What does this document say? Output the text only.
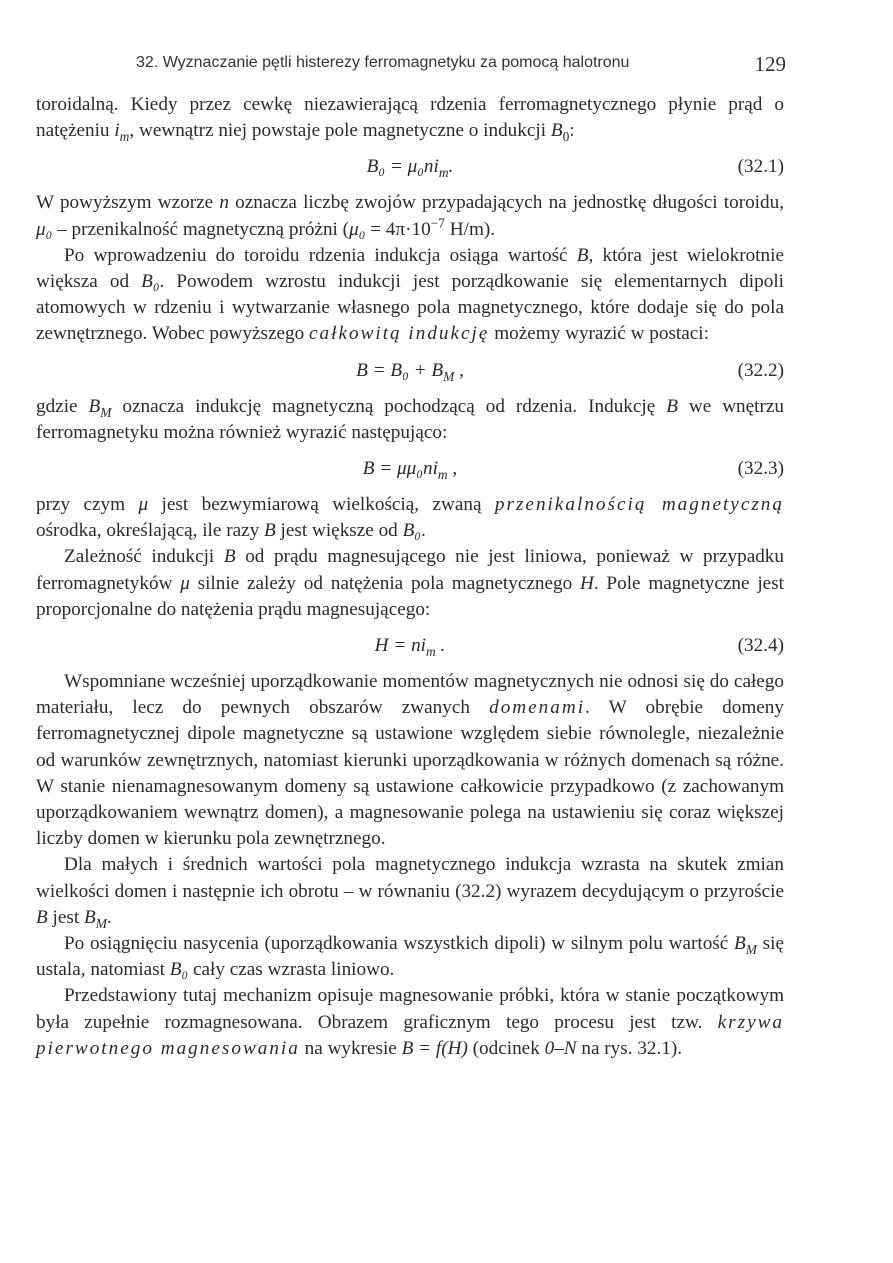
32. Wyznaczanie pętli histerezy ferromagnetyku za pomocą halotronu	129

toroidalną. Kiedy przez cewkę niezawierającą rdzenia ferromagnetycznego płynie prąd o natężeniu $i_m$, wewnątrz niej powstaje pole magnetyczne o indukcji $B_0$:

$B_0 = \mu_0ni_m$.	(32.1)

W powyższym wzorze n oznacza liczbę zwojów przypadających na jednostkę długości toroidu, μ₀ – przenikalność magnetyczną próżni ($\mu_0 = 4\pi\cdot 10^{-7}$ H/m).

Po wprowadzeniu do toroidu rdzenia indukcja osiąga wartość B, która jest wielokrotnie większa od B₀. Powodem wzrostu indukcji jest porządkowanie się elementarnych dipoli atomowych w rdzeniu i wytwarzanie własnego pola magnetycznego, które dodaje się do pola zewnętrznego. Wobec powyższego całkowitą indukcję możemy wyrazić w postaci:

$B = B_0 + B_M$ ,	(32.2)

gdzie $B_M$ oznacza indukcję magnetyczną pochodzącą od rdzenia. Indukcję B we wnętrzu ferromagnetyku można również wyrazić następująco:

$B = \mu\mu_0ni_m$ ,	(32.3)

przy czym μ jest bezwymiarową wielkością, zwaną przenikalnością magnetyczną ośrodka, określającą, ile razy B jest większe od B₀.

Zależność indukcji B od prądu magnesującego nie jest liniowa, ponieważ w przypadku ferromagnetyków μ silnie zależy od natężenia pola magnetycznego H. Pole magnetyczne jest proporcjonalne do natężenia prądu magnesującego:

$H = ni_m$ .	(32.4)

Wspomniane wcześniej uporządkowanie momentów magnetycznych nie odnosi się do całego materiału, lecz do pewnych obszarów zwanych domenami. W obrębie domeny ferromagnetycznej dipole magnetyczne są ustawione względem siebie równolegle, niezależnie od warunków zewnętrznych, natomiast kierunki uporządkowania w różnych domenach są różne. W stanie nienamagnesowanym domeny są ustawione całkowicie przypadkowo (z zachowanym uporządkowaniem wewnątrz domen), a magnesowanie polega na ustawieniu się coraz większej liczby domen w kierunku pola zewnętrznego.

Dla małych i średnich wartości pola magnetycznego indukcja wzrasta na skutek zmian wielkości domen i następnie ich obrotu – w równaniu (32.2) wyrazem decydującym o przyroście B jest $B_M$.

Po osiągnięciu nasycenia (uporządkowania wszystkich dipoli) w silnym polu wartość $B_M$ się ustala, natomiast B₀ cały czas wzrasta liniowo.

Przedstawiony tutaj mechanizm opisuje magnesowanie próbki, która w stanie początkowym była zupełnie rozmagnesowana. Obrazem graficznym tego procesu jest tzw. krzywa pierwotnego magnesowania na wykresie B = f(H) (odcinek 0–N na rys. 32.1).
